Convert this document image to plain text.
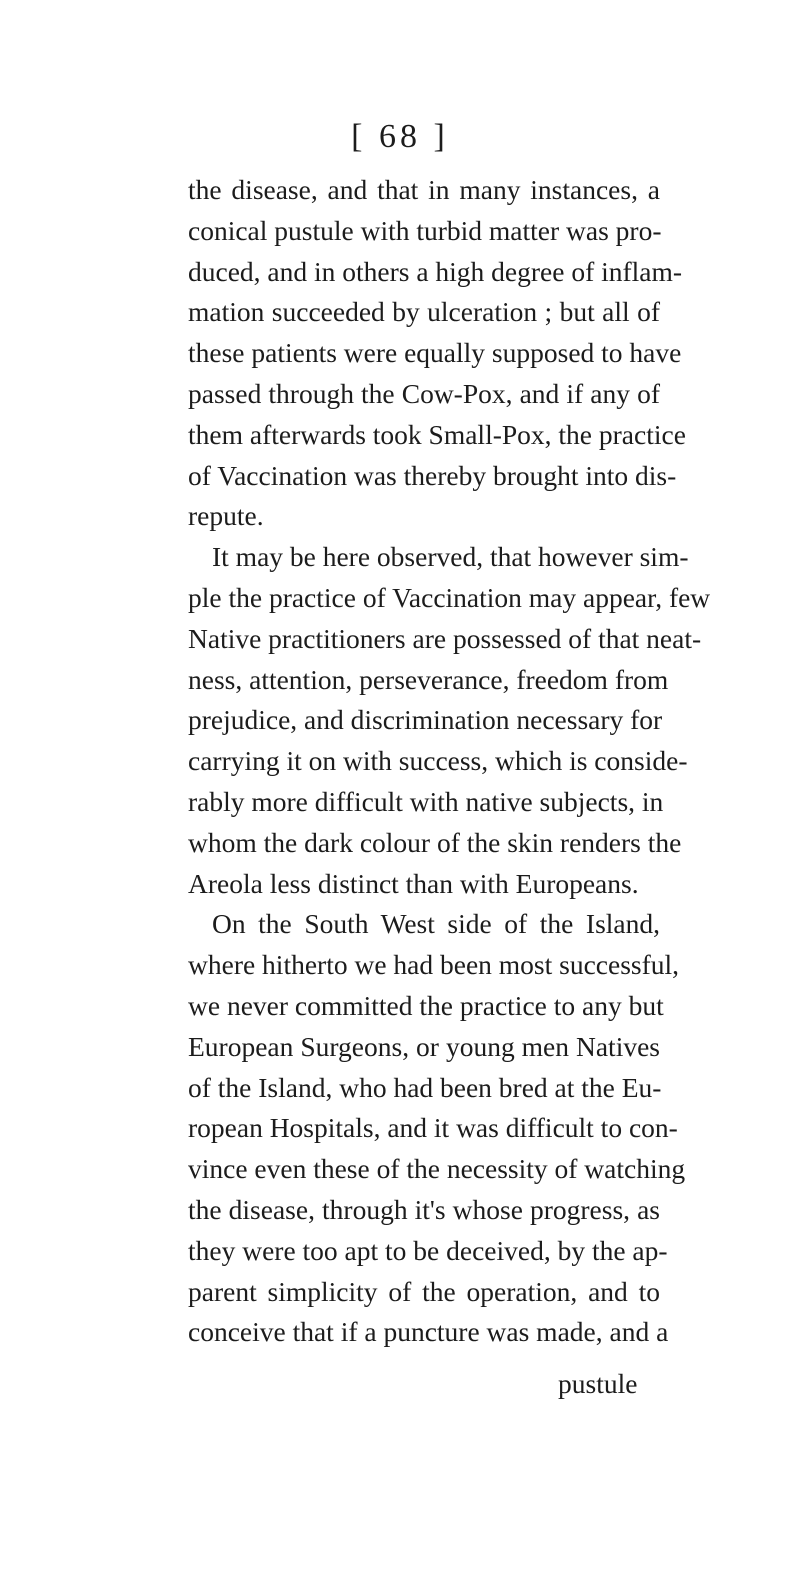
[ 68 ]
the disease, and that in many instances, a
conical pustule with turbid matter was pro-
duced, and in others a high degree of inflam-
mation succeeded by ulceration ; but all of
these patients were equally supposed to have
passed through the Cow-Pox, and if any of
them afterwards took Small-Pox, the practice
of Vaccination was thereby brought into dis-
repute.
It may be here observed, that however sim-
ple the practice of Vaccination may appear, few
Native practitioners are possessed of that neat-
ness, attention, perseverance, freedom from
prejudice, and discrimination necessary for
carrying it on with success, which is conside-
rably more difficult with native subjects, in
whom the dark colour of the skin renders the
Areola less distinct than with Europeans.
On the South West side of the Island,
where hitherto we had been most successful,
we never committed the practice to any but
European Surgeons, or young men Natives
of the Island, who had been bred at the Eu-
ropean Hospitals, and it was difficult to con-
vince even these of the necessity of watching
the disease, through it's whose progress, as
they were too apt to be deceived, by the ap-
parent simplicity of the operation, and to
conceive that if a puncture was made, and a
pustule
